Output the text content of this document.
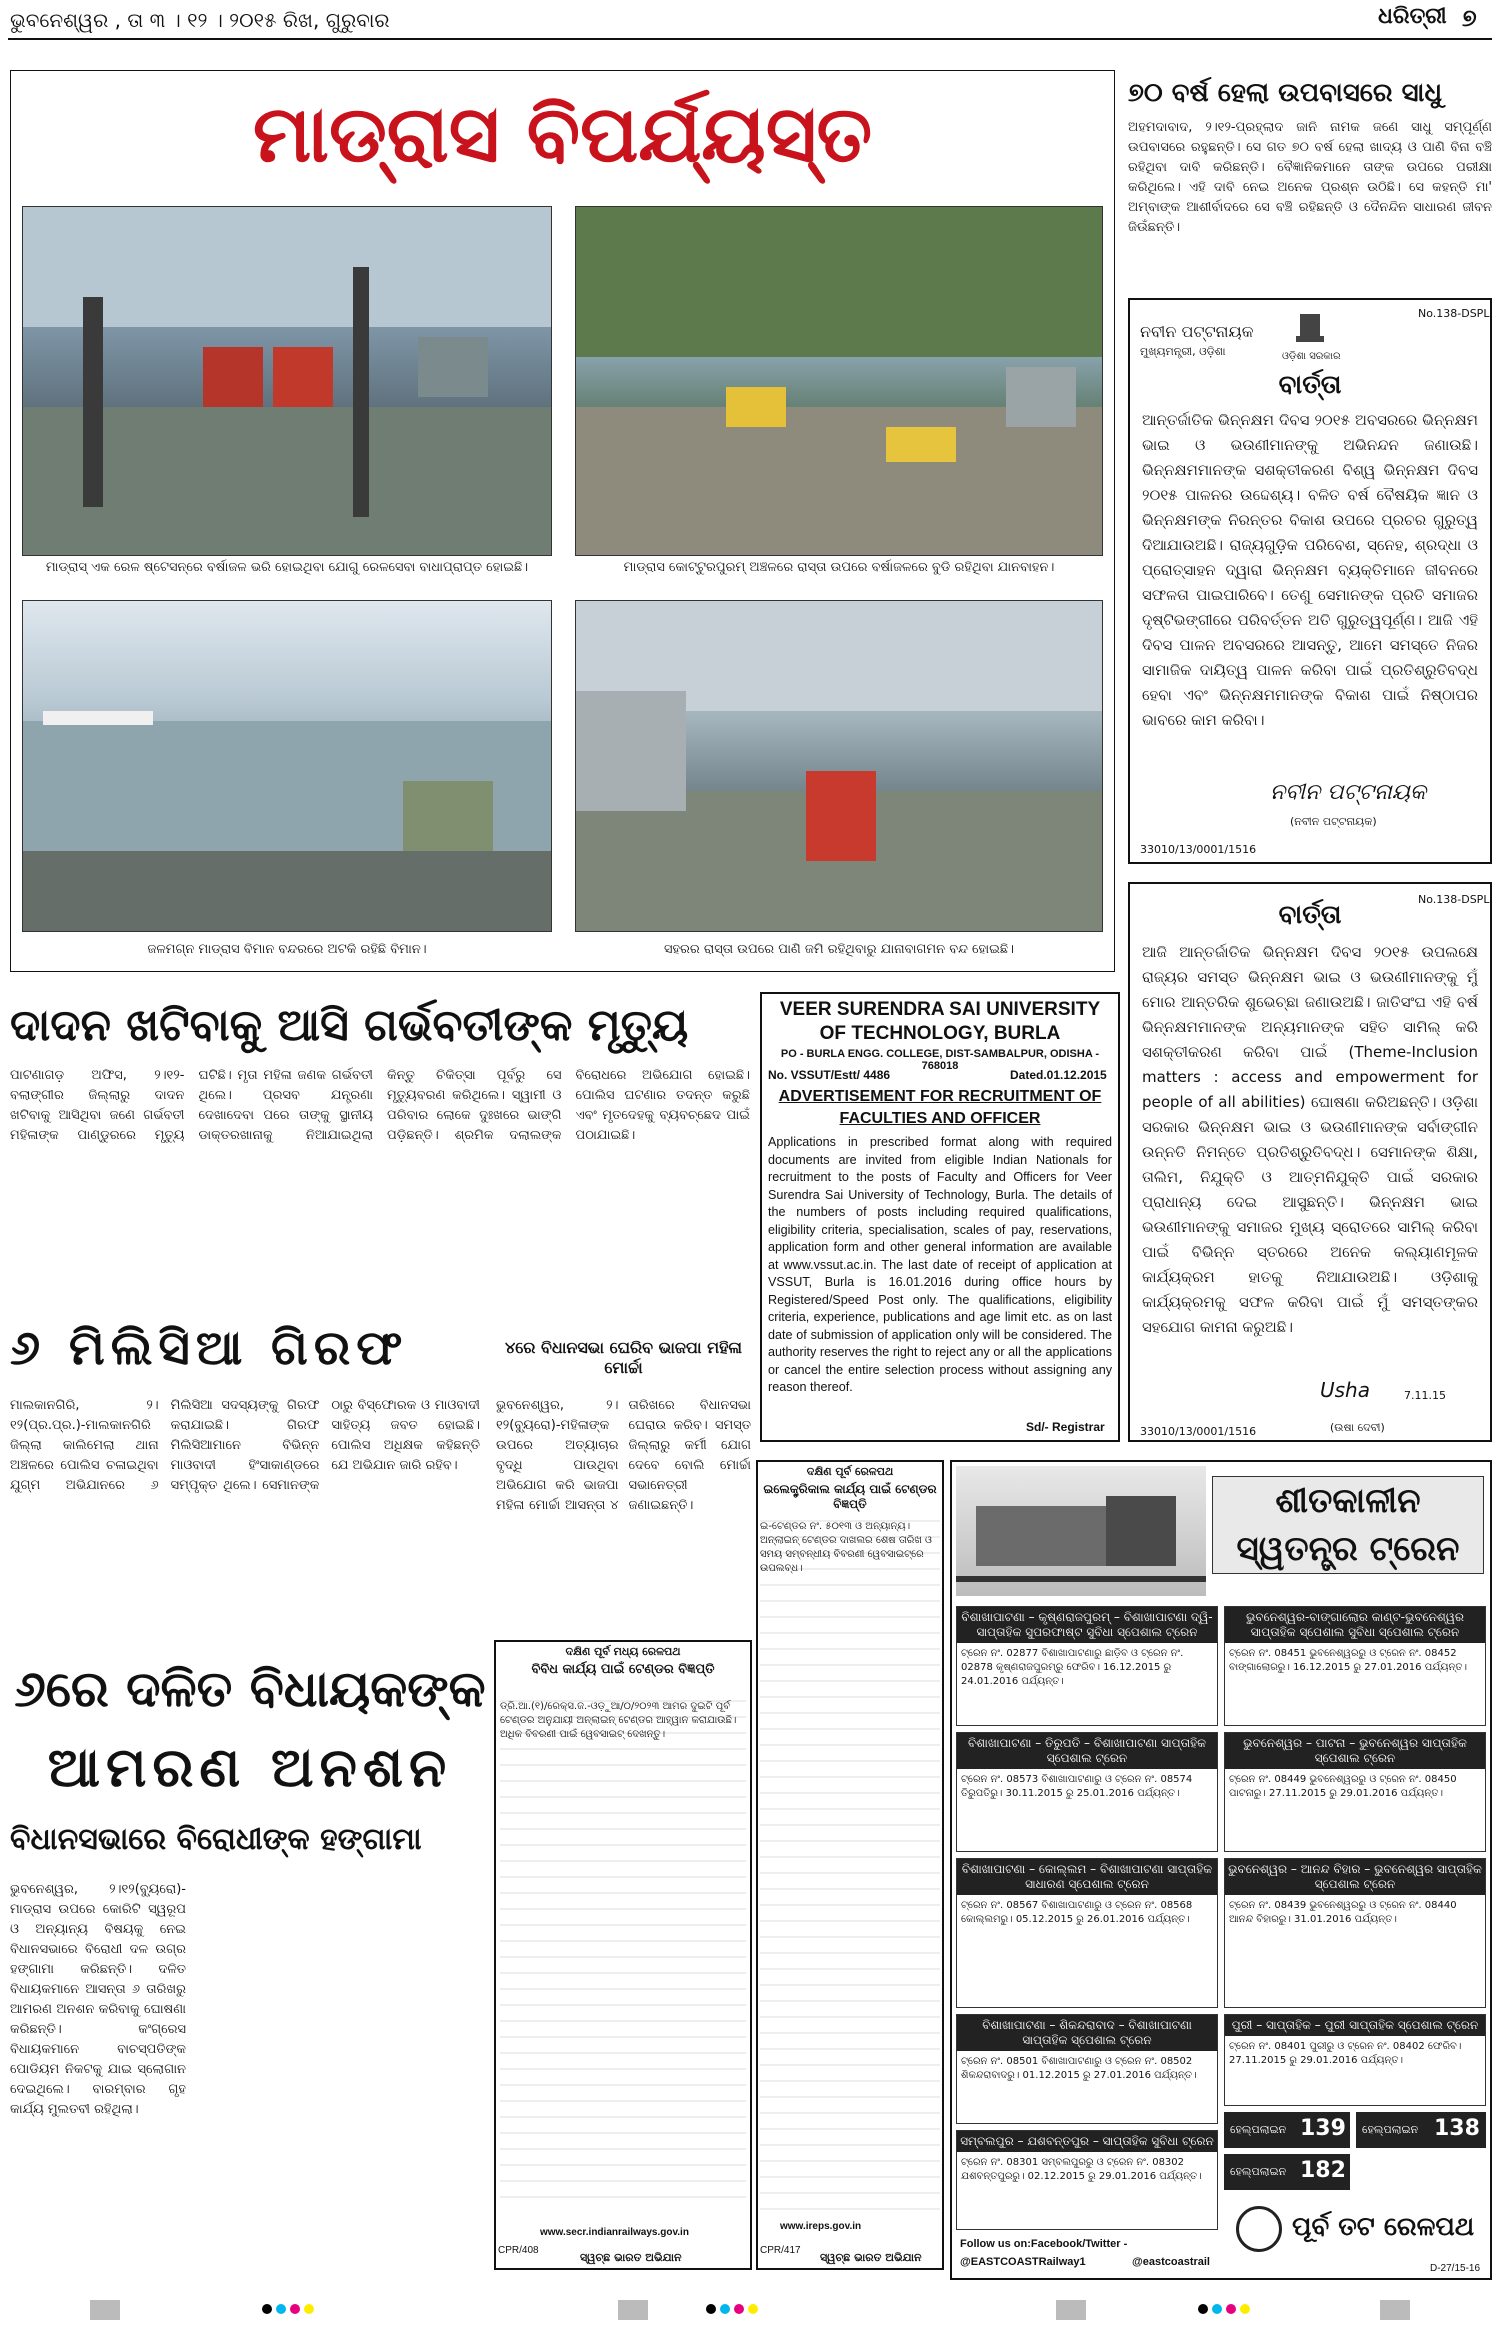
ଭୁବନେଶ୍ୱର , ତା ୩ । ୧୨ । ୨୦୧୫ ରିଖ, ଗୁରୁବାର	ଧରିତ୍ରୀ ୭
ମାଡ୍ରାସ ବିପର୍ଯ୍ୟସ୍ତ
ମାଡ୍ରାସ୍‌ ଏକ ରେଳ ଷ୍ଟେସନ୍‌ରେ ବର୍ଷାଜଳ ଭରି ହୋଇଥିବା ଯୋଗୁ ରେଳସେବା ବାଧାପ୍ରାପ୍ତ ହୋଇଛି।	ମାଡ୍ରାସ କୋଟ୍ଟୁରପୁରମ୍ ଅଞ୍ଚଳରେ ରାସ୍ତା ଉପରେ ବର୍ଷାଜଳରେ ବୁଡି ରହିଥିବା ଯାନବାହନ।
ଜଳମଗ୍ନ ମାଡ୍ରାସ ବିମାନ ବନ୍ଦରରେ ଅଟକି ରହିଛି ବିମାନ।	ସହରର ରାସ୍ତା ଉପରେ ପାଣି ଜମି ରହିଥିବାରୁ ଯାନାବାଗମନ ବନ୍ଦ ହୋଇଛି।
୭୦ ବର୍ଷ ହେଲା ଉପବାସରେ ସାଧୁ
ଅହମଦାବାଦ, ୨।୧୨-ପ୍ରହ୍ଲାଦ ଜାନି ନାମକ ଜଣେ ସାଧୁ ସମ୍ପୂର୍ଣ୍ଣ ଉପବାସରେ ରହୁଛନ୍ତି। ସେ ଗତ ୭୦ ବର୍ଷ ହେଲା ଖାଦ୍ୟ ଓ ପାଣି ବିନା ବଞ୍ଚି ରହିଥିବା ଦାବି କରିଛନ୍ତି। ବୈଜ୍ଞାନିକମାନେ ତାଙ୍କ ଉପରେ ପରୀକ୍ଷା କରିଥିଲେ। ଏହି ଦାବି ନେଇ ଅନେକ ପ୍ରଶ୍ନ ଉଠିଛି। ସେ କହନ୍ତି ମା' ଅମ୍ବାଙ୍କ ଆଶୀର୍ବାଦରେ ସେ ବଞ୍ଚି ରହିଛନ୍ତି ଓ ଦୈନନ୍ଦିନ ସାଧାରଣ ଜୀବନ ଜିଉଁଛନ୍ତି।
No.138-DSPL
ନବୀନ ପଟ୍ଟନାୟକ
ମୁଖ୍ୟମନ୍ତ୍ରୀ, ଓଡ଼ିଶା	ଓଡ଼ିଶା ସରକାର
ବାର୍ତ୍ତା
ଆନ୍ତର୍ଜାତିକ ଭିନ୍ନକ୍ଷମ ଦିବସ ୨୦୧୫ ଅବସରରେ ଭିନ୍ନକ୍ଷମ ଭାଇ ଓ ଭଉଣୀମାନଙ୍କୁ ଅଭିନନ୍ଦନ ଜଣାଉଛି। ଭିନ୍ନକ୍ଷମମାନଙ୍କ ସଶକ୍ତୀକରଣ ବିଶ୍ୱ ଭିନ୍ନକ୍ଷମ ଦିବସ ୨୦୧୫ ପାଳନର ଉଦ୍ଦେଶ୍ୟ। ବଳିତ ବର୍ଷ ବୈଷୟିକ ଜ୍ଞାନ ଓ ଭିନ୍ନକ୍ଷମଙ୍କ ନିରନ୍ତର ବିକାଶ ଉପରେ ପ୍ରଚର ଗୁରୁତ୍ୱ ଦିଆଯାଉଅଛି। ରାଜ୍ୟଗୁଡ଼ିକ ପରିବେଶ, ସ୍ନେହ, ଶ୍ରଦ୍ଧା ଓ ପ୍ରୋତ୍ସାହନ ଦ୍ୱାରା ଭିନ୍ନକ୍ଷମ ବ୍ୟକ୍ତିମାନେ ଜୀବନରେ ସଫଳତା ପାଇପାରିବେ। ତେଣୁ ସେମାନଙ୍କ ପ୍ରତି ସମାଜର ଦୃଷ୍ଟିଭଙ୍ଗୀରେ ପରିବର୍ତ୍ତନ ଅତି ଗୁରୁତ୍ୱପୂର୍ଣ୍ଣ। ଆଜି ଏହି ଦିବସ ପାଳନ ଅବସରରେ ଆସନ୍ତୁ, ଆମେ ସମସ୍ତେ ନିଜର ସାମାଜିକ ଦାୟିତ୍ୱ ପାଳନ କରିବା ପାଇଁ ପ୍ରତିଶ୍ରୁତିବଦ୍ଧ ହେବା ଏବଂ ଭିନ୍ନକ୍ଷମମାନଙ୍କ ବିକାଶ ପାଇଁ ନିଷ୍ଠାପର ଭାବରେ କାମ କରିବା।
ନବୀନ ପଟ୍ଟନାୟକ
(ନବୀନ ପଟ୍ଟନାୟକ)
33010/13/0001/1516
No.138-DSPL
ବାର୍ତ୍ତା
ଆଜି ଆନ୍ତର୍ଜାତିକ ଭିନ୍ନକ୍ଷମ ଦିବସ ୨୦୧୫ ଉପଲକ୍ଷେ ରାଜ୍ୟର ସମସ୍ତ ଭିନ୍ନକ୍ଷମ ଭାଇ ଓ ଭଉଣୀମାନଙ୍କୁ ମୁଁ ମୋର ଆନ୍ତରିକ ଶୁଭେଚ୍ଛା ଜଣାଉଅଛି। ଜାତିସଂଘ ଏହି ବର୍ଷ ଭିନ୍ନକ୍ଷମମାନଙ୍କ ଅନ୍ୟମାନଙ୍କ ସହିତ ସାମିଲ୍ କରି ସଶକ୍ତୀକରଣ କରିବା ପାଇଁ (Theme-Inclusion matters : access and empowerment for people of all abilities) ଘୋଷଣା କରିଅଛନ୍ତି। ଓଡ଼ିଶା ସରକାର ଭିନ୍ନକ୍ଷମ ଭାଇ ଓ ଭଉଣୀମାନଙ୍କ ସର୍ବାଙ୍ଗୀନ ଉନ୍ନତି ନିମନ୍ତେ ପ୍ରତିଶ୍ରୁତିବଦ୍ଧ। ସେମାନଙ୍କ ଶିକ୍ଷା, ତାଲିମ, ନିଯୁକ୍ତି ଓ ଆତ୍ମନିଯୁକ୍ତି ପାଇଁ ସରକାର ପ୍ରାଧାନ୍ୟ ଦେଇ ଆସୁଛନ୍ତି। ଭିନ୍ନକ୍ଷମ ଭାଇ ଭଉଣୀମାନଙ୍କୁ ସମାଜର ମୁଖ୍ୟ ସ୍ରୋତରେ ସାମିଲ୍ କରିବା ପାଇଁ ବିଭିନ୍ନ ସ୍ତରରେ ଅନେକ କଲ୍ୟାଣମୂଳକ କାର୍ଯ୍ୟକ୍ରମ ହାତକୁ ନିଆଯାଉଅଛି। ଓଡ଼ିଶାକୁ କାର୍ଯ୍ୟକ୍ରମକୁ ସଫଳ କରିବା ପାଇଁ ମୁଁ ସମସ୍ତଙ୍କର ସହଯୋଗ କାମନା କରୁଅଛି।
Usha	7.11.15
(ଉଷା ଦେବୀ)
33010/13/0001/1516
ଦାଦନ ଖଟିବାକୁ ଆସି ଗର୍ଭବତୀଙ୍କ ମୃତ୍ୟୁ
ପାଟଣାଗଡ଼ ଅଫିସ, ୨।୧୨-ବଲାଙ୍ଗୀର ଜିଲ୍ଲାରୁ ଦାଦନ ଖଟିବାକୁ ଆସିଥିବା ଜଣେ ଗର୍ଭବତୀ ମହିଳାଙ୍କ ପାଣ୍ଡୁରରେ ମୃତ୍ୟୁ ଘଟିଛି। ମୃତା ମହିଳା ଜଣକ ଗର୍ଭବତୀ ଥିଲେ। ପ୍ରସବ ଯନ୍ତ୍ରଣା ଦେଖାଦେବା ପରେ ତାଙ୍କୁ ସ୍ଥାନୀୟ ଡାକ୍ତରଖାନାକୁ ନିଆଯାଇଥିଲା କିନ୍ତୁ ଚିକିତ୍ସା ପୂର୍ବରୁ ସେ ମୃତ୍ୟୁବରଣ କରିଥିଲେ। ସ୍ୱାମୀ ଓ ପରିବାର ଲୋକେ ଦୁଃଖରେ ଭାଙ୍ଗି ପଡ଼ିଛନ୍ତି। ଶ୍ରମିକ ଦଲାଲଙ୍କ ବିରୋଧରେ ଅଭିଯୋଗ ହୋଇଛି। ପୋଲିସ ଘଟଣାର ତଦନ୍ତ କରୁଛି ଏବଂ ମୃତଦେହକୁ ବ୍ୟବଚ୍ଛେଦ ପାଇଁ ପଠାଯାଇଛି।
VEER SURENDRA SAI UNIVERSITY OF TECHNOLOGY, BURLA
PO - BURLA ENGG. COLLEGE, DIST-SAMBALPUR, ODISHA - 768018
No. VSSUT/Estt/ 4486	Dated.01.12.2015
ADVERTISEMENT FOR RECRUITMENT OF FACULTIES AND OFFICER
Applications in prescribed format along with required documents are invited from eligible Indian Nationals for recruitment to the posts of Faculty and Officers for Veer Surendra Sai University of Technology, Burla. The details of the numbers of posts including required qualifications, eligibility criteria, specialisation, scales of pay, reservations, application form and other general information are available at www.vssut.ac.in. The last date of receipt of application at VSSUT, Burla is 16.01.2016 during office hours by Registered/Speed Post only. The qualifications, eligibility criteria, experience, publications and age limit etc. as on last date of submission of application only will be considered. The authority reserves the right to reject any or all the applications or cancel the entire selection process without assigning any reason thereof.
Sd/- Registrar
୬ ମିଲିସିଆ ଗିରଫ
ମାଲକାନଗିରି, ୨।୧୨(ପ୍ର.ପ୍ର.)-ମାଲକାନଗିରି ଜିଲ୍ଲା କାଲିମେଲା ଥାନା ଅଞ୍ଚଳରେ ପୋଲିସ ଚଳାଇଥିବା ଯୁଗ୍ମ ଅଭିଯାନରେ ୬ ମିଲିସିଆ ସଦସ୍ୟଙ୍କୁ ଗିରଫ କରାଯାଇଛି। ଗିରଫ ମିଲିସିଆମାନେ ବିଭିନ୍ନ ମାଓବାଦୀ ହିଂସାକାଣ୍ଡରେ ସମ୍ପୃକ୍ତ ଥିଲେ। ସେମାନଙ୍କ ଠାରୁ ବିସ୍ଫୋରକ ଓ ମାଓବାଦୀ ସାହିତ୍ୟ ଜବତ ହୋଇଛି। ପୋଲିସ ଅଧିକ୍ଷକ କହିଛନ୍ତି ଯେ ଅଭିଯାନ ଜାରି ରହିବ।
୪ରେ ବିଧାନସଭା ଘେରିବ ଭାଜପା ମହିଳା ମୋର୍ଚ୍ଚା
ଭୁବନେଶ୍ୱର, ୨।୧୨(ବ୍ୟୁରୋ)-ମହିଳାଙ୍କ ଉପରେ ଅତ୍ୟାଚାର ବୃଦ୍ଧି ପାଉଥିବା ଅଭିଯୋଗ କରି ଭାଜପା ମହିଳା ମୋର୍ଚ୍ଚା ଆସନ୍ତା ୪ ତାରିଖରେ ବିଧାନସଭା ଘେରାଉ କରିବ। ସମସ୍ତ ଜିଲ୍ଲାରୁ କର୍ମୀ ଯୋଗ ଦେବେ ବୋଲି ମୋର୍ଚ୍ଚା ସଭାନେତ୍ରୀ ଜଣାଇଛନ୍ତି।
ଦକ୍ଷିଣ ପୂର୍ବ ମଧ୍ୟ ରେଳପଥ
ବିବିଧ କାର୍ଯ୍ୟ ପାଇଁ ଟେଣ୍ଡର ବିଜ୍ଞପ୍ତି
ଡ୍ରି.ଆ.(୧)/ରେକ୍ସ.ଜ.-ଓଡ଼ୁଆ/୦/୨୦୨୩ ଆମର ଦୁଇଟି ପୂର୍ବ ଟେଣ୍ଡର ଅନୁଯାୟୀ ଅନ୍ଲାଇନ୍ ଟେଣ୍ଡର ଆହ୍ୱାନ କରାଯାଉଛି। ଅଧିକ ବିବରଣୀ ପାଇଁ ୱେବସାଇଟ୍ ଦେଖନ୍ତୁ।
www.secr.indianrailways.gov.in
CPR/408
ସ୍ୱଚ୍ଛ ଭାରତ ଅଭିଯାନ
ଦକ୍ଷିଣ ପୂର୍ବ ରେଳପଥ
ଇଲେକ୍ଟ୍ରିକାଲ କାର୍ଯ୍ୟ ପାଇଁ ଟେଣ୍ଡର ବିଜ୍ଞପ୍ତି
ଇ-ଟେଣ୍ଡର ନଂ. ୫୦୧୩ ଓ ଅନ୍ୟାନ୍ୟ। ଅନ୍ଲାଇନ୍ ଟେଣ୍ଡର ଦାଖଲର ଶେଷ ତାରିଖ ଓ ସମୟ ସମ୍ବନ୍ଧୀୟ ବିବରଣୀ ୱେବସାଇଟ୍‌ରେ ଉପଲବ୍ଧ।
www.ireps.gov.in
CPR/417
ସ୍ୱଚ୍ଛ ଭାରତ ଅଭିଯାନ
୬ରେ ଦଳିତ ବିଧାୟକଙ୍କ
ଆମରଣ ଅନଶନ
ବିଧାନସଭାରେ ବିରୋଧୀଙ୍କ ହଙ୍ଗାମା
ଭୁବନେଶ୍ୱର, ୨।୧୨(ବ୍ୟୁରୋ)- ମାଡ୍ରାସ ଉପରେ କୋରିଟି ସ୍ୱରୂପ ଓ ଅନ୍ୟାନ୍ୟ ବିଷୟକୁ ନେଇ ବିଧାନସଭାରେ ବିରୋଧୀ ଦଳ ଉଗ୍ର ହଙ୍ଗାମା କରିଛନ୍ତି। ଦଳିତ ବିଧାୟକମାନେ ଆସନ୍ତା ୬ ତାରିଖରୁ ଆମରଣ ଅନଶନ କରିବାକୁ ଘୋଷଣା କରିଛନ୍ତି। କଂଗ୍ରେସ ବିଧାୟକମାନେ ବାଚସ୍ପତିଙ୍କ ପୋଡିୟମ ନିକଟକୁ ଯାଇ ସ୍ଲୋଗାନ ଦେଇଥିଲେ। ବାରମ୍ବାର ଗୃହ କାର୍ଯ୍ୟ ମୁଲତବୀ ରହିଥିଲା।
ଶୀତକାଳୀନ ସ୍ୱତନ୍ତ୍ର ଟ୍ରେନ
ବିଶାଖାପାଟଣା – କୃଷ୍ଣରାଜପୁରମ୍ – ବିଶାଖାପାଟଣା ଦ୍ୱି-ସାପ୍ତାହିକ ସୁପରଫାଷ୍ଟ ସୁବିଧା ସ୍ପେଶାଲ ଟ୍ରେନ
ଟ୍ରେନ ନଂ. 02877 ବିଶାଖାପାଟଣାରୁ ଛାଡ଼ିବ ଓ ଟ୍ରେନ ନଂ. 02878 କୃଷ୍ଣରାଜପୁରମ୍‌ରୁ ଫେରିବ। 16.12.2015 ରୁ 24.01.2016 ପର୍ଯ୍ୟନ୍ତ।
ବିଶାଖାପାଟଣା – ତିରୁପତି – ବିଶାଖାପାଟଣା ସାପ୍ତାହିକ ସ୍ପେଶାଲ ଟ୍ରେନ
ଟ୍ରେନ ନଂ. 08573 ବିଶାଖାପାଟଣାରୁ ଓ ଟ୍ରେନ ନଂ. 08574 ତିରୁପତିରୁ। 30.11.2015 ରୁ 25.01.2016 ପର୍ଯ୍ୟନ୍ତ।
ବିଶାଖାପାଟଣା – କୋଲ୍ଲମ – ବିଶାଖାପାଟଣା ସାପ୍ତାହିକ ସାଧାରଣ ସ୍ପେଶାଲ ଟ୍ରେନ
ଟ୍ରେନ ନଂ. 08567 ବିଶାଖାପାଟଣାରୁ ଓ ଟ୍ରେନ ନଂ. 08568 କୋଲ୍ଲମରୁ। 05.12.2015 ରୁ 26.01.2016 ପର୍ଯ୍ୟନ୍ତ।
ବିଶାଖାପାଟଣା – ଶିକନ୍ଦରାବାଦ – ବିଶାଖାପାଟଣା ସାପ୍ତାହିକ ସ୍ପେଶାଲ ଟ୍ରେନ
ଟ୍ରେନ ନଂ. 08501 ବିଶାଖାପାଟଣାରୁ ଓ ଟ୍ରେନ ନଂ. 08502 ଶିକନ୍ଦରାବାଦରୁ। 01.12.2015 ରୁ 27.01.2016 ପର୍ଯ୍ୟନ୍ତ।
ସମ୍ବଲପୁର – ଯଶବନ୍ତପୁର – ସାପ୍ତାହିକ ସୁବିଧା ଟ୍ରେନ
ଟ୍ରେନ ନଂ. 08301 ସମ୍ବଲପୁରରୁ ଓ ଟ୍ରେନ ନଂ. 08302 ଯଶବନ୍ତପୁରରୁ। 02.12.2015 ରୁ 29.01.2016 ପର୍ଯ୍ୟନ୍ତ।
ଭୁବନେଶ୍ୱର-ବାଙ୍ଗାଲୋର କାଣ୍ଟ-ଭୁବନେଶ୍ୱର ସାପ୍ତାହିକ ସ୍ପେଶାଲ ସୁବିଧା ସ୍ପେଶାଲ ଟ୍ରେନ
ଟ୍ରେନ ନଂ. 08451 ଭୁବନେଶ୍ୱରରୁ ଓ ଟ୍ରେନ ନଂ. 08452 ବାଙ୍ଗାଲୋରରୁ। 16.12.2015 ରୁ 27.01.2016 ପର୍ଯ୍ୟନ୍ତ।
ଭୁବନେଶ୍ୱର – ପାଟନା – ଭୁବନେଶ୍ୱର ସାପ୍ତାହିକ ସ୍ପେଶାଲ ଟ୍ରେନ
ଟ୍ରେନ ନଂ. 08449 ଭୁବନେଶ୍ୱରରୁ ଓ ଟ୍ରେନ ନଂ. 08450 ପାଟନାରୁ। 27.11.2015 ରୁ 29.01.2016 ପର୍ଯ୍ୟନ୍ତ।
ଭୁବନେଶ୍ୱର – ଆନନ୍ଦ ବିହାର – ଭୁବନେଶ୍ୱର ସାପ୍ତାହିକ ସ୍ପେଶାଲ ଟ୍ରେନ
ଟ୍ରେନ ନଂ. 08439 ଭୁବନେଶ୍ୱରରୁ ଓ ଟ୍ରେନ ନଂ. 08440 ଆନନ୍ଦ ବିହାରରୁ। 31.01.2016 ପର୍ଯ୍ୟନ୍ତ।
ପୁରୀ – ସାପ୍ତାହିକ – ପୁରୀ ସାପ୍ତାହିକ ସ୍ପେଶାଲ ଟ୍ରେନ
ଟ୍ରେନ ନଂ. 08401 ପୁରୀରୁ ଓ ଟ୍ରେନ ନଂ. 08402 ଫେରିବ। 27.11.2015 ରୁ 29.01.2016 ପର୍ଯ୍ୟନ୍ତ।
ହେଲ୍ପଲାଇନ 139 ହେଲ୍ପଲାଇନ 138
ହେଲ୍ପଲାଇନ 182
ପୂର୍ବ ତଟ ରେଳପଥ
Follow us on:Facebook/Twitter -
@EASTCOASTRailway1	@eastcoastrail
D-27/15-16
